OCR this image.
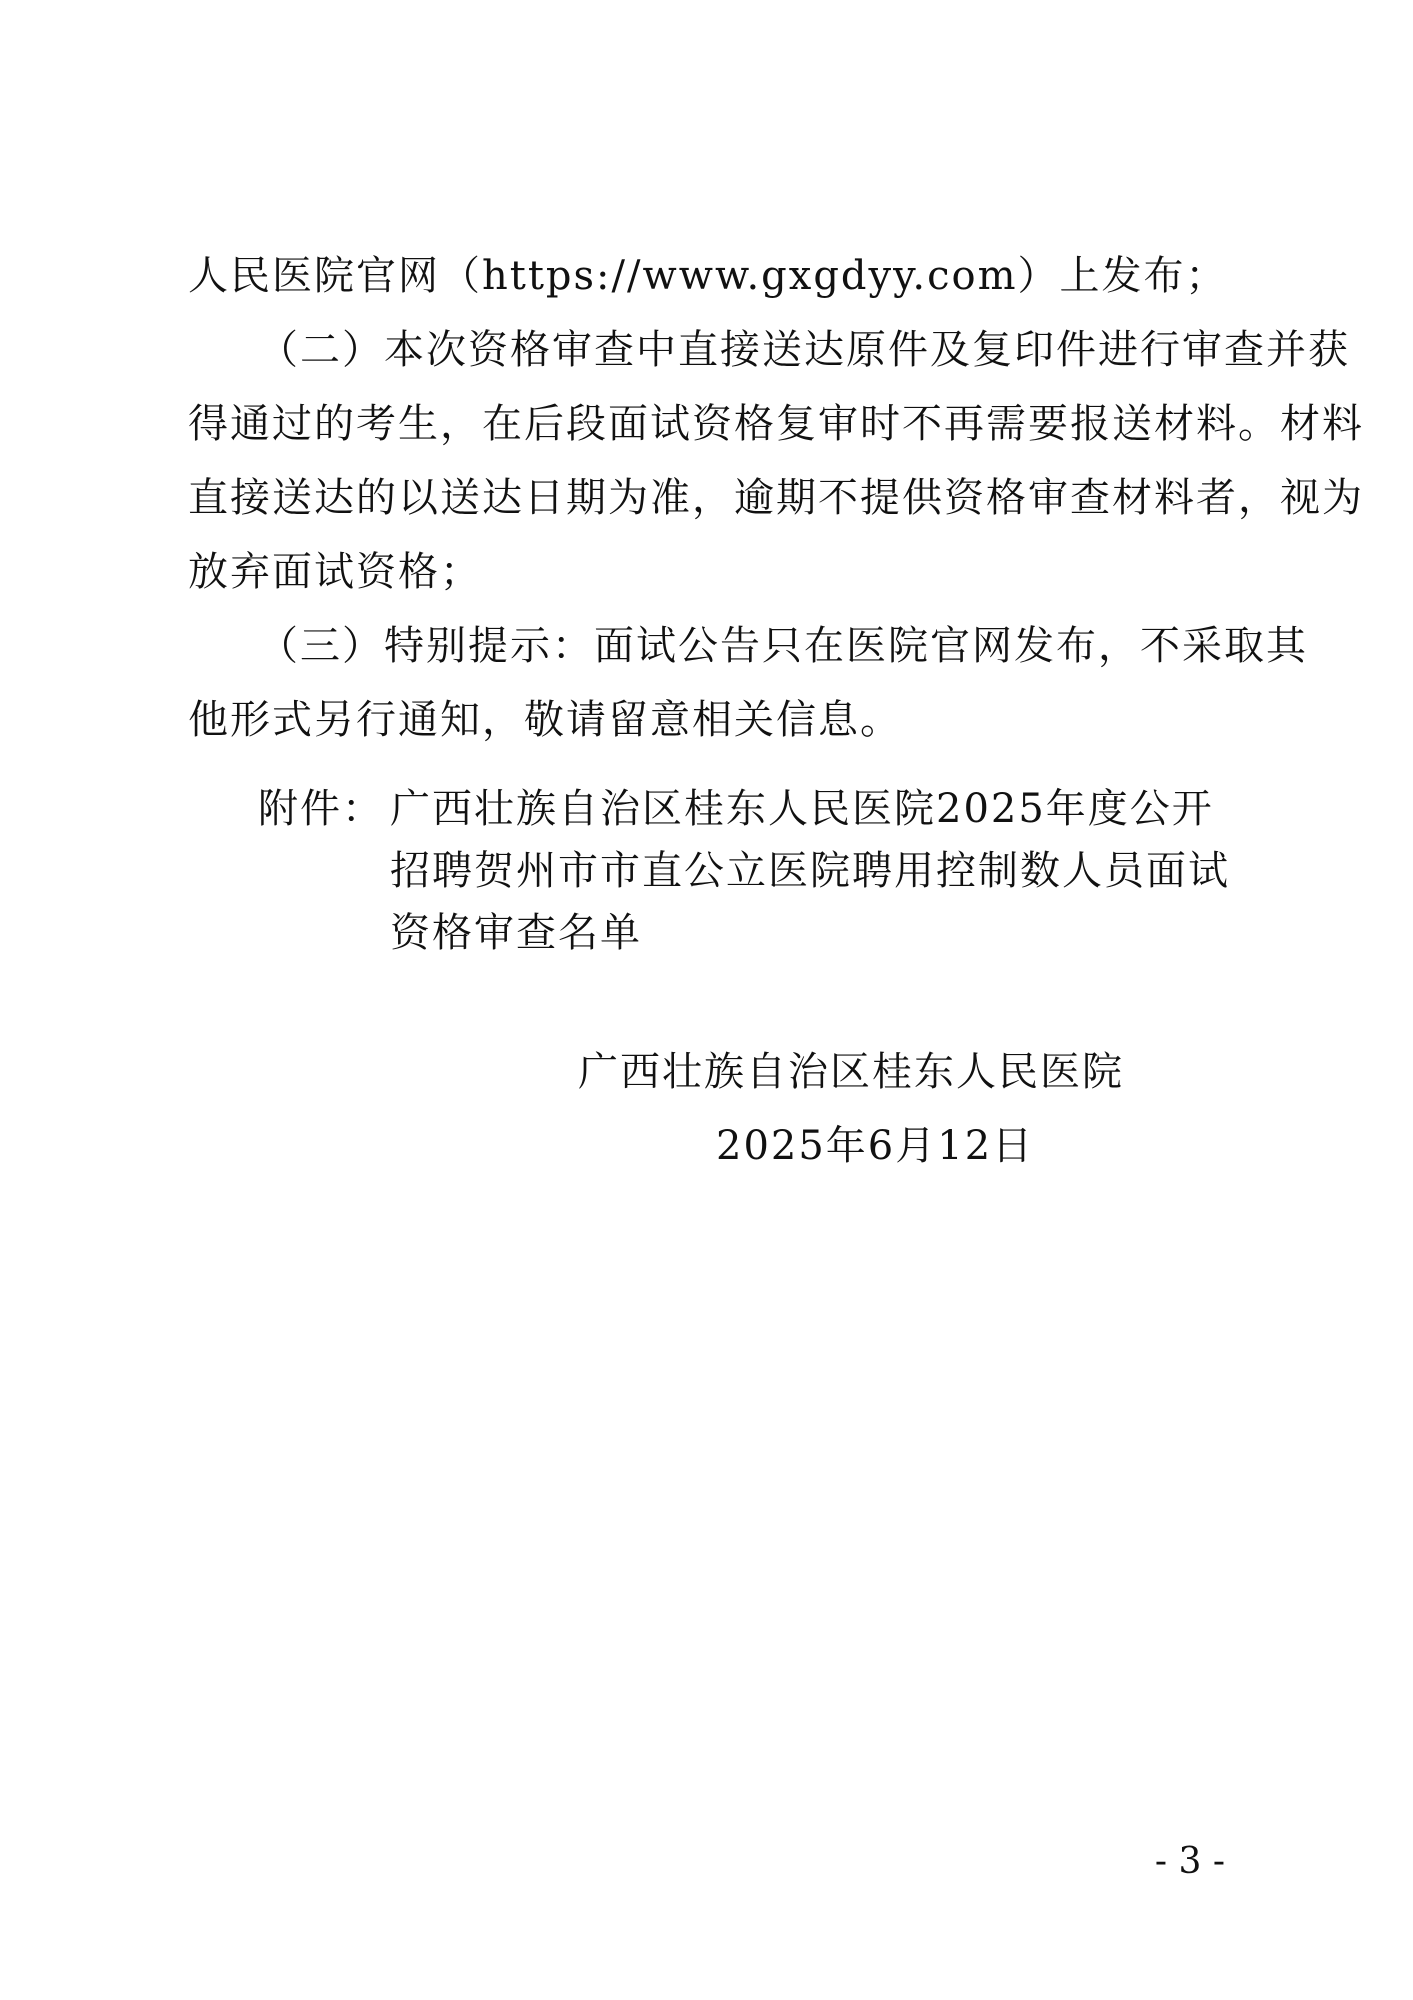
人民医院官网（https://www.gxgdyy.com）上发布；
（二）本次资格审查中直接送达原件及复印件进行审查并获
得通过的考生，在后段面试资格复审时不再需要报送材料。材料
直接送达的以送达日期为准，逾期不提供资格审查材料者，视为
放弃面试资格；
（三）特别提示：面试公告只在医院官网发布，不采取其
他形式另行通知，敬请留意相关信息。
附件： 广西壮族自治区桂东人民医院2025年度公开招聘贺州市市直公立医院聘用控制数人员面试资格审查名单
广西壮族自治区桂东人民医院
2025年6月12日
- 3 -
